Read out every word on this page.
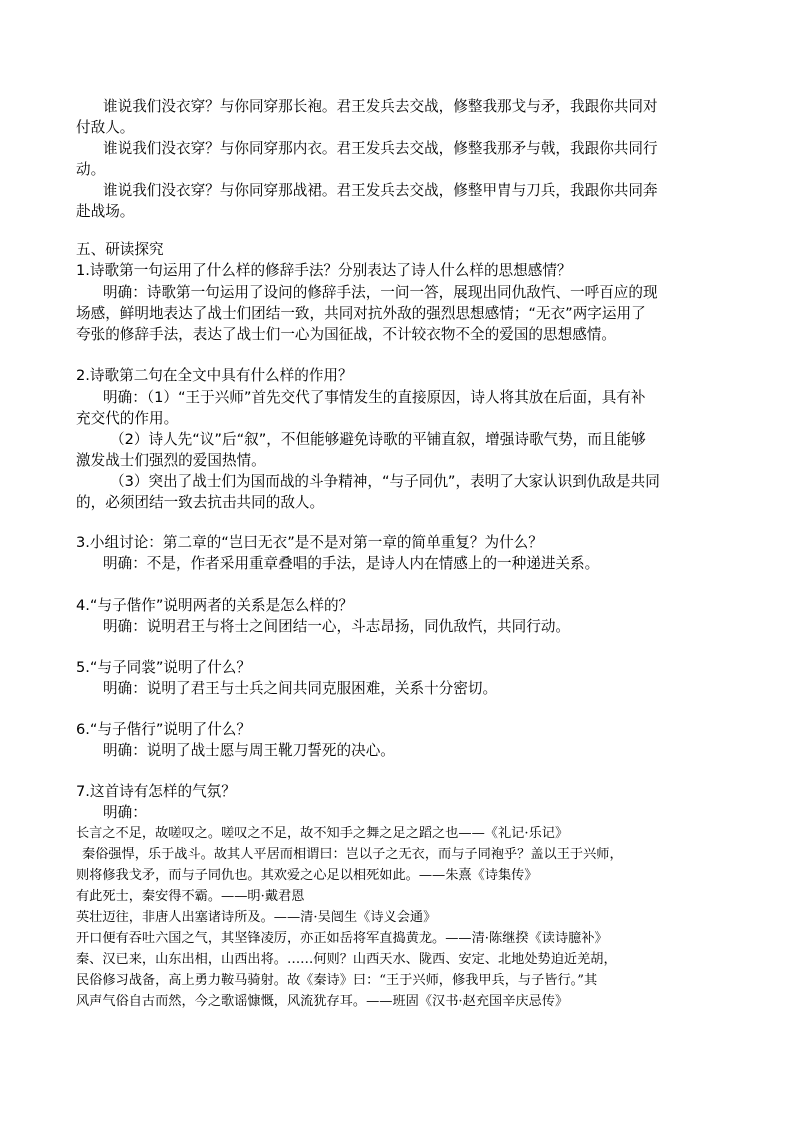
谁说我们没衣穿？与你同穿那长袍。君王发兵去交战，修整我那戈与矛，我跟你共同对
付敌人。
谁说我们没衣穿？与你同穿那内衣。君王发兵去交战，修整我那矛与戟，我跟你共同行
动。
谁说我们没衣穿？与你同穿那战裙。君王发兵去交战，修整甲胄与刀兵，我跟你共同奔
赴战场。
五、研读探究
1.诗歌第一句运用了什么样的修辞手法？分别表达了诗人什么样的思想感情？
明确：诗歌第一句运用了设问的修辞手法，一问一答，展现出同仇敌忾、一呼百应的现
场感，鲜明地表达了战士们团结一致，共同对抗外敌的强烈思想感情；“无衣”两字运用了
夸张的修辞手法，表达了战士们一心为国征战，不计较衣物不全的爱国的思想感情。
2.诗歌第二句在全文中具有什么样的作用？
明确：（1）“王于兴师”首先交代了事情发生的直接原因，诗人将其放在后面，具有补
充交代的作用。
（2）诗人先“议”后“叙”，不但能够避免诗歌的平铺直叙，增强诗歌气势，而且能够
激发战士们强烈的爱国热情。
（3）突出了战士们为国而战的斗争精神，“与子同仇”，表明了大家认识到仇敌是共同
的，必须团结一致去抗击共同的敌人。
3.小组讨论：第二章的“岂曰无衣”是不是对第一章的简单重复？为什么？
明确：不是，作者采用重章叠唱的手法，是诗人内在情感上的一种递进关系。
4.“与子偕作”说明两者的关系是怎么样的？
明确：说明君王与将士之间团结一心，斗志昂扬，同仇敌忾，共同行动。
5.“与子同裳”说明了什么？
明确：说明了君王与士兵之间共同克服困难，关系十分密切。
6.“与子偕行”说明了什么？
明确：说明了战士愿与周王靴刀誓死的决心。
7.这首诗有怎样的气氛？
明确：
长言之不足，故嗟叹之。嗟叹之不足，故不知手之舞之足之蹈之也——《礼记·乐记》
秦俗强悍，乐于战斗。故其人平居而相谓曰：岂以子之无衣，而与子同袍乎？盖以王于兴师，
则将修我戈矛，而与子同仇也。其欢爱之心足以相死如此。——朱熹《诗集传》
有此死士，秦安得不霸。——明·戴君恩
英壮迈往，非唐人出塞诸诗所及。——清·吴闿生《诗义会通》
开口便有吞吐六国之气，其坚锋凌厉，亦正如岳将军直捣黄龙。——清·陈继揆《读诗臆补》
秦、汉已来，山东出相，山西出将。……何则？山西天水、陇西、安定、北地处势迫近羌胡，
民俗修习战备，高上勇力鞍马骑射。故《秦诗》曰：“王于兴师，修我甲兵，与子皆行。”其
风声气俗自古而然，今之歌谣慷慨，风流犹存耳。——班固《汉书·赵充国辛庆忌传》
